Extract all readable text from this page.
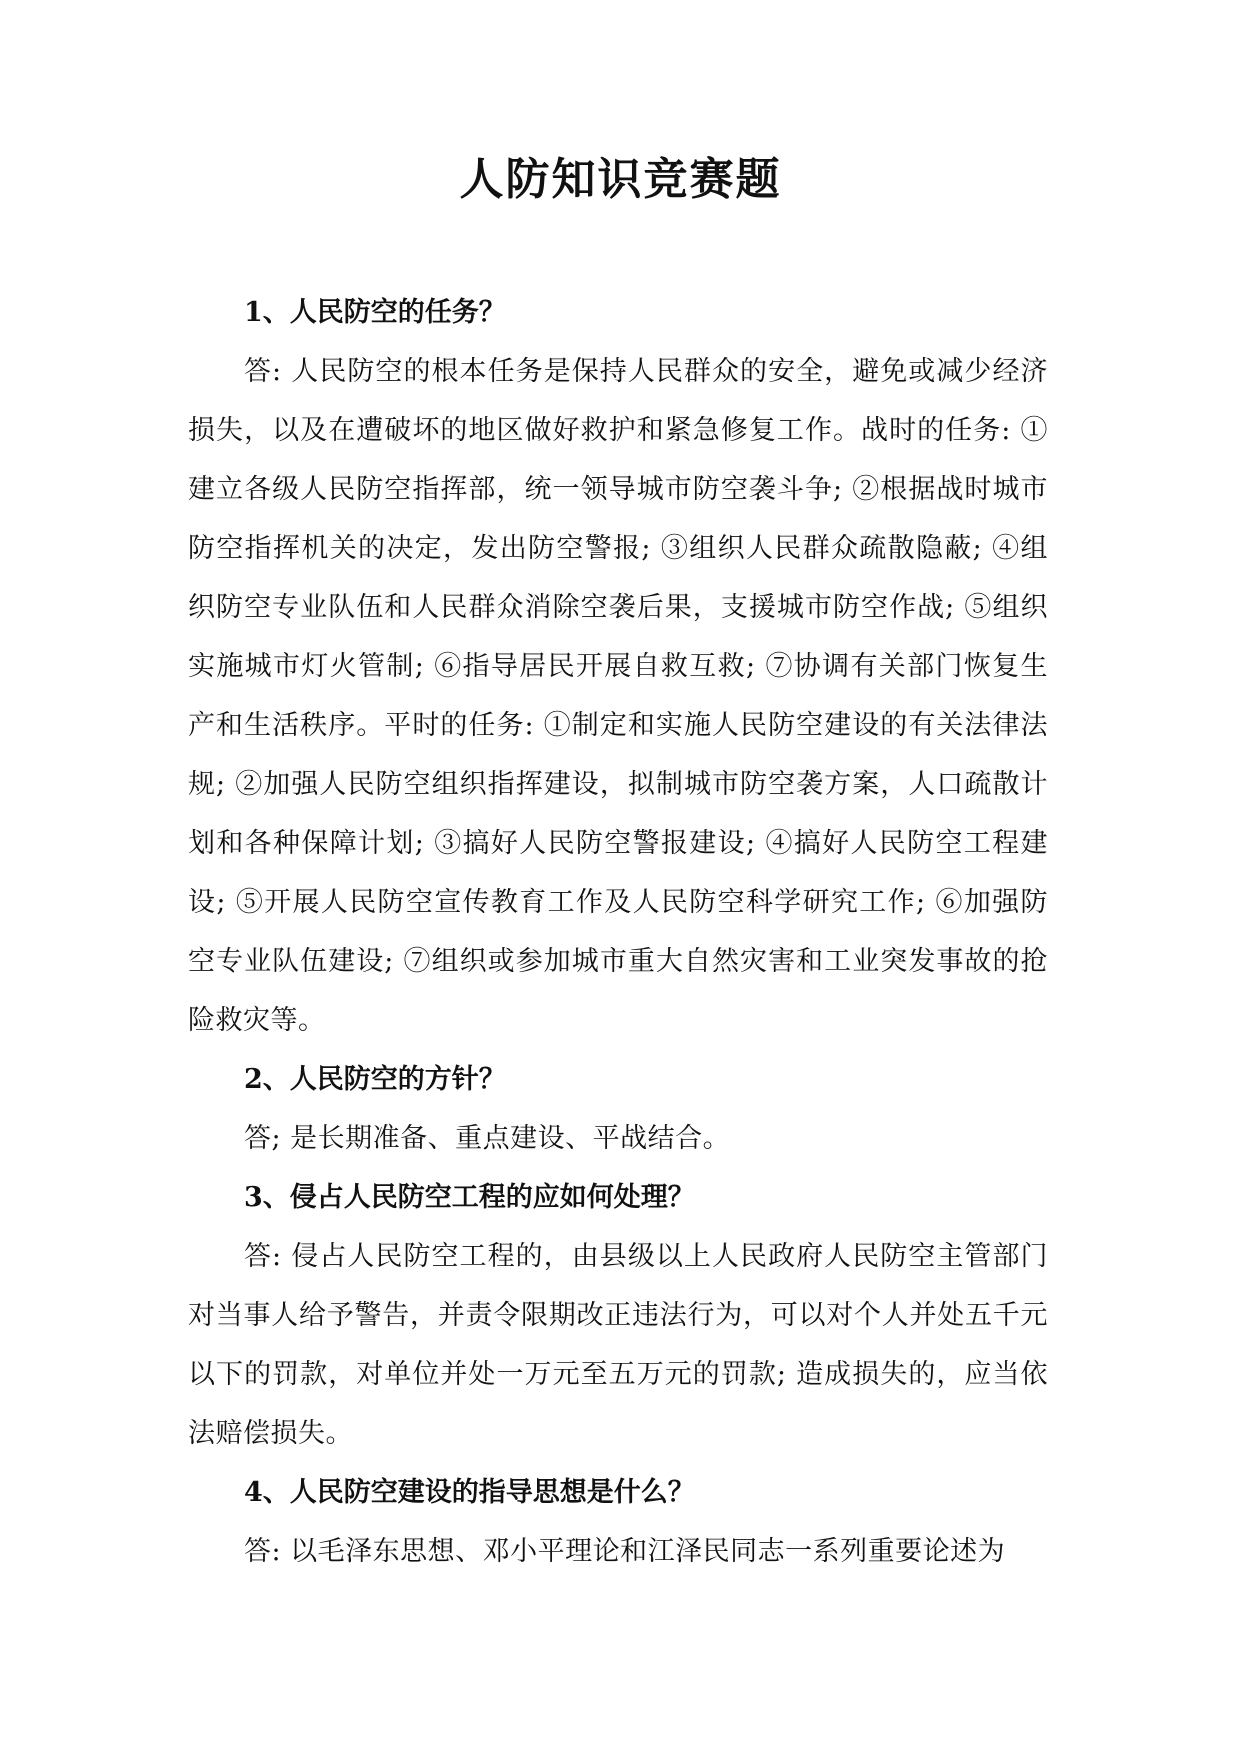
人防知识竞赛题

1、人民防空的任务？

答: 人民防空的根本任务是保持人民群众的安全，避免或减少经济损失，以及在遭破坏的地区做好救护和紧急修复工作。战时的任务: ①建立各级人民防空指挥部，统一领导城市防空袭斗争; ②根据战时城市防空指挥机关的决定，发出防空警报; ③组织人民群众疏散隐蔽; ④组织防空专业队伍和人民群众消除空袭后果，支援城市防空作战; ⑤组织实施城市灯火管制; ⑥指导居民开展自救互救; ⑦协调有关部门恢复生产和生活秩序。平时的任务: ①制定和实施人民防空建设的有关法律法规; ②加强人民防空组织指挥建设，拟制城市防空袭方案，人口疏散计划和各种保障计划; ③搞好人民防空警报建设; ④搞好人民防空工程建设; ⑤开展人民防空宣传教育工作及人民防空科学研究工作; ⑥加强防空专业队伍建设; ⑦组织或参加城市重大自然灾害和工业突发事故的抢险救灾等。

2、人民防空的方针？

答; 是长期准备、重点建设、平战结合。

3、侵占人民防空工程的应如何处理？

答: 侵占人民防空工程的，由县级以上人民政府人民防空主管部门对当事人给予警告，并责令限期改正违法行为，可以对个人并处五千元以下的罚款，对单位并处一万元至五万元的罚款; 造成损失的，应当依法赔偿损失。

4、人民防空建设的指导思想是什么？

答: 以毛泽东思想、邓小平理论和江泽民同志一系列重要论述为
